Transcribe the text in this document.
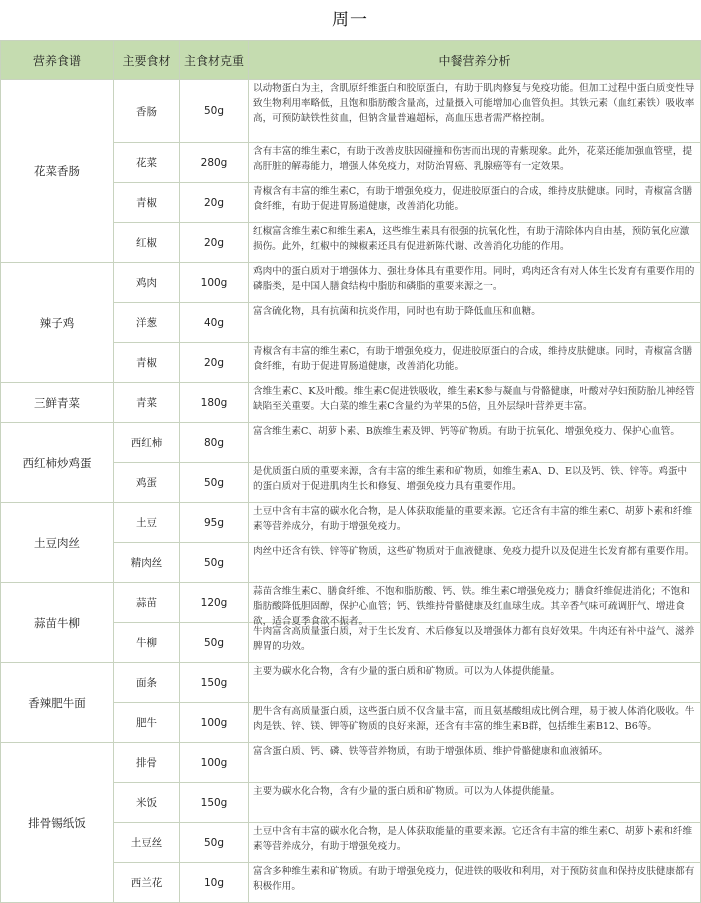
周一
营养食谱	主要食材	主食材克重	中餐营养分析
花菜香肠	香肠	50g	以动物蛋白为主，含肌原纤维蛋白和胶原蛋白，有助于肌肉修复与免疫功能。但加工过程中蛋白质变性导致生物利用率略低，且饱和脂肪酸含量高，过量摄入可能增加心血管负担。其铁元素（血红素铁）吸收率高，可预防缺铁性贫血，但钠含量普遍超标，高血压患者需严格控制。

	花菜	280g	含有丰富的维生素C，有助于改善皮肤因碰撞和伤害而出现的青紫现象。此外，花菜还能加强血管壁，提高肝脏的解毒能力，增强人体免疫力，对防治胃癌、乳腺癌等有一定效果。

	青椒	20g	青椒含有丰富的维生素C，有助于增强免疫力，促进胶原蛋白的合成，维持皮肤健康。同时，青椒富含膳食纤维，有助于促进胃肠道健康，改善消化功能。

	红椒	20g	红椒富含维生素C和维生素A，这些维生素具有很强的抗氧化性，有助于清除体内自由基，预防氧化应激损伤。此外，红椒中的辣椒素还具有促进新陈代谢、改善消化功能的作用。

辣子鸡	鸡肉	100g	鸡肉中的蛋白质对于增强体力、强壮身体具有重要作用。同时，鸡肉还含有对人体生长发育有重要作用的磷脂类，是中国人膳食结构中脂肪和磷脂的重要来源之一。

	洋葱	40g	富含硫化物，具有抗菌和抗炎作用，同时也有助于降低血压和血糖。

	青椒	20g	青椒含有丰富的维生素C，有助于增强免疫力，促进胶原蛋白的合成，维持皮肤健康。同时，青椒富含膳食纤维，有助于促进胃肠道健康，改善消化功能。

三鲜青菜	青菜	180g	含维生素C、K及叶酸。维生素C促进铁吸收，维生素K参与凝血与骨骼健康，叶酸对孕妇预防胎儿神经管缺陷至关重要。大白菜的维生素C含量约为苹果的5倍，且外层绿叶营养更丰富。

西红柿炒鸡蛋	西红柿	80g	富含维生素C、胡萝卜素、B族维生素及钾、钙等矿物质。有助于抗氧化、增强免疫力、保护心血管。

	鸡蛋	50g	是优质蛋白质的重要来源，含有丰富的维生素和矿物质，如维生素A、D、E以及钙、铁、锌等。鸡蛋中的蛋白质对于促进肌肉生长和修复、增强免疫力具有重要作用。

土豆肉丝	土豆	95g	土豆中含有丰富的碳水化合物，是人体获取能量的重要来源。它还含有丰富的维生素C、胡萝卜素和纤维素等营养成分，有助于增强免疫力。

	精肉丝	50g	肉丝中还含有铁、锌等矿物质，这些矿物质对于血液健康、免疫力提升以及促进生长发育都有重要作用。

蒜苗牛柳	蒜苗	120g	蒜苗含维生素C、膳食纤维、不饱和脂肪酸、钙、铁。维生素C增强免疫力；膳食纤维促进消化；不饱和脂肪酸降低胆固醇，保护心血管；钙、铁维持骨骼健康及红血球生成。其辛香气味可疏调肝气、增进食欲，适合夏季食欲不振者。

	牛柳	50g	牛肉富含高质量蛋白质，对于生长发育、术后修复以及增强体力都有良好效果。牛肉还有补中益气、滋养脾胃的功效。

香辣肥牛面	面条	150g	主要为碳水化合物，含有少量的蛋白质和矿物质。可以为人体提供能量。

	肥牛	100g	肥牛含有高质量蛋白质，这些蛋白质不仅含量丰富，而且氨基酸组成比例合理，易于被人体消化吸收。牛肉是铁、锌、镁、钾等矿物质的良好来源，还含有丰富的维生素B群，包括维生素B12、B6等。

排骨锡纸饭	排骨	100g	富含蛋白质、钙、磷、铁等营养物质，有助于增强体质、维护骨骼健康和血液循环。

	米饭	150g	主要为碳水化合物，含有少量的蛋白质和矿物质。可以为人体提供能量。

	土豆丝	50g	土豆中含有丰富的碳水化合物，是人体获取能量的重要来源。它还含有丰富的维生素C、胡萝卜素和纤维素等营养成分，有助于增强免疫力。

	西兰花	10g	富含多种维生素和矿物质。有助于增强免疫力，促进铁的吸收和利用，对于预防贫血和保持皮肤健康都有积极作用。
